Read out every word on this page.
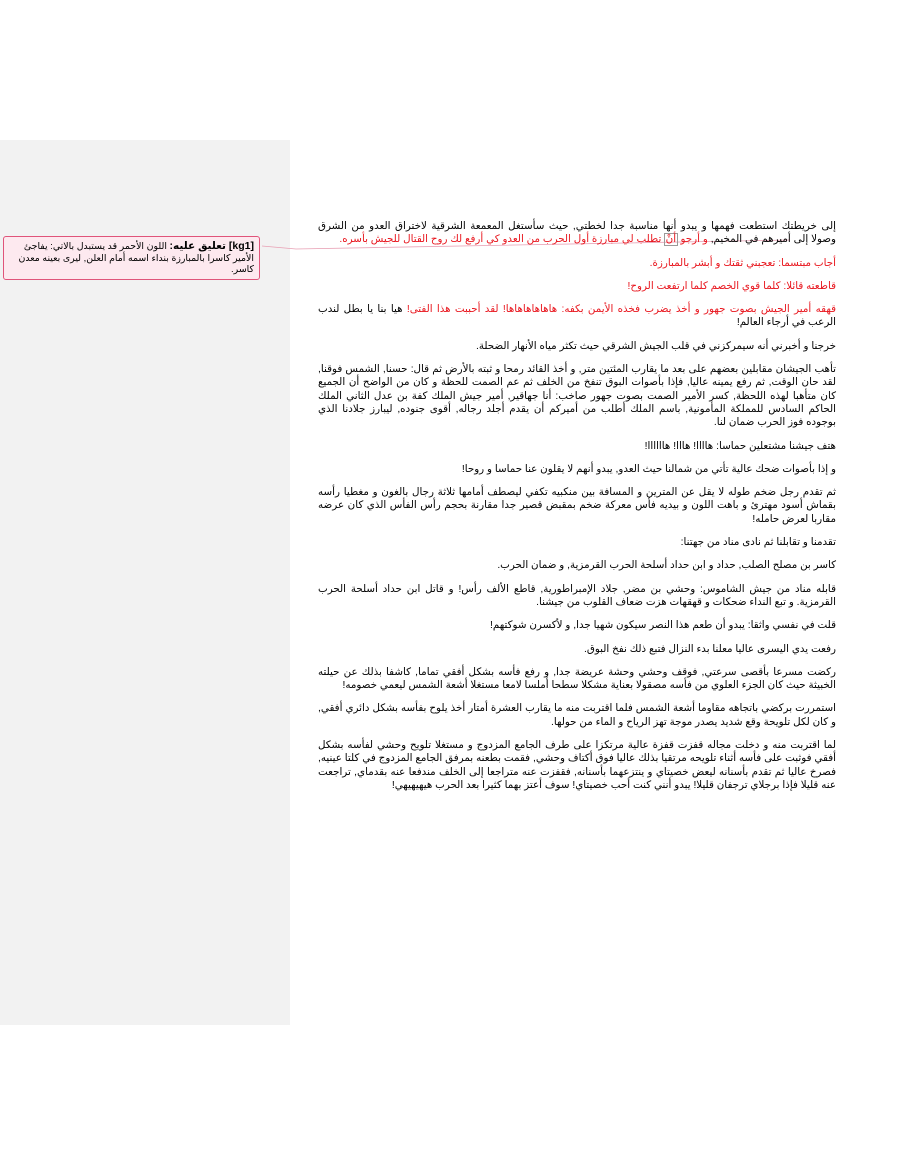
[kg1] تعليق عليه: اللون الأحمر قد يستبدل بالاتي: يفاجئ الأمير كاسرا بالمبارزة بنداء اسمه أمام العلن, ليرى بعينه معدن كاسر.

إلى خريطتك استطعت فهمها و يبدو أنها مناسبة جدا لخطتي, حيث سأستغل المعمعة الشرقية لاختراق العدو من الشرق وصولا إلى أميرهم في المخيم, و أرجو أنْ تطلب لي مبارزة أول الحرب من العدو كي أرفع لك روح القتال للجيش بأسره.

أجاب مبتسما: تعجبني ثقتك و أبشر بالمبارزة.

قاطعته قائلا: كلما قوي الخصم كلما ارتفعت الروح!

قهقه أمير الجيش بصوت جهور و أخذ يضرب فخذه الأيمن بكفه: هاهاهاهاهاها! لقد أحببت هذا الفتى! هيا بنا يا بطل لندب الرعب في أرجاء العالم!

خرجنا و أخبرني أنه سيمركزني في قلب الجيش الشرقي حيث تكثر مياه الأنهار الضحلة.

تأهب الجيشان مقابلين بعضهم على بعد ما يقارب المئتين متر, و أخذ القائد رمحا و ثبته بالأرض ثم قال: حسنا, الشمس فوقنا, لقد حان الوقت, ثم رفع يمينه عاليا, فإذا بأصوات البوق تنفخ من الخلف ثم عم الصمت للحظة و كان من الواضح أن الجميع كان متأهبا لهذه اللحظة, كسر الأمير الصمت بصوت جهور صاخب: أنا جهاقير, أمير جيش الملك كفة بن عدل الثاني الملك الحاكم السادس للمملكة المأمونية, باسم الملك أطلب من أميركم أن يقدم أجلد رجاله, أقوى جنوده, ليبارز جلادنا الذي بوجوده فوز الحرب ضمان لنا.

هتف جيشنا مشتعلين حماسا: هاااا! هااا! هاااااا!

و إذا بأصوات ضحك عالية تأتي من شمالنا حيث العدو, يبدو أنهم لا يقلون عنا حماسا و روحا!

ثم تقدم رجل ضخم طوله لا يقل عن المترين و المسافة بين منكبيه تكفي ليصطف أمامها ثلاثة رجال بالغون و مغطيا رأسه بقماش أسود مهترئ و باهت اللون و بيديه فأس معركة ضخم بمقبض قصير جدا مقارنة بحجم رأس الفأس الذي كان عرضه مقاربا لعرض حامله!

تقدمنا و تقابلنا ثم نادى مناد من جهتنا:

كاسر بن مصلح الصلب, حداد و ابن حداد أسلحة الحرب القرمزية, و ضمان الحرب.

قابله مناد من جيش الشاموس: وحشي بن مضر, جلاد الإمبراطورية, قاطع الألف رأس! و قاتل ابن حداد أسلحة الحرب القرمزية. و تبع النداء ضحكات و قهقهات هزت ضعاف القلوب من جيشنا.

قلت في نفسي واثقا: يبدو أن طعم هذا النصر سيكون شهيا جدا, و لأكسرن شوكتهم!

رفعت يدي اليسرى عاليا معلنا بدء النزال فتبع ذلك نفخ البوق.

ركضت مسرعا بأقصى سرعتي, فوقف وحشي وحشة عريضة جدا, و رفع فأسه بشكل أفقي تماما, كاشفا بذلك عن حيلته الخبيثة حيث كان الجزء العلوي من فأسه مصقولا بعناية مشكلا سطحا أملسا لامعا مستغلا أشعة الشمس ليعمي خصومه!

استمررت بركضي باتجاهه مقاوما أشعة الشمس فلما اقتربت منه ما يقارب العشرة أمتار أخذ يلوح بفأسه بشكل دائري أفقي, و كان لكل تلويحة وقع شديد يصدر موجة تهز الرياح و الماء من حولها.

لما اقتربت منه و دخلت مجاله قفزت قفزة عالية مرتكزا على طرف الجامع المزدوج و مستغلا تلويح وحشي لفأسه بشكل أفقي فوثبت على فأسه أثناء تلويحه مرتقيا بذلك عاليا فوق أكتاف وحشي, فقمت بطعنه بمرفق الجامع المزدوج في كلتا عينيه, فصرخ عاليا ثم تقدم بأسنانه ليعض خصيتاي و ينتزعهما بأسنانه, فقفزت عنه متراجعا إلى الخلف مندفعا عنه بقدماي, تراجعت عنه قليلا فإذا برجلاي ترجفان قليلا! يبدو أنني كنت أحب خصيتاي! سوف أعتز بهما كثيرا بعد الحرب هيهيهيهي!
